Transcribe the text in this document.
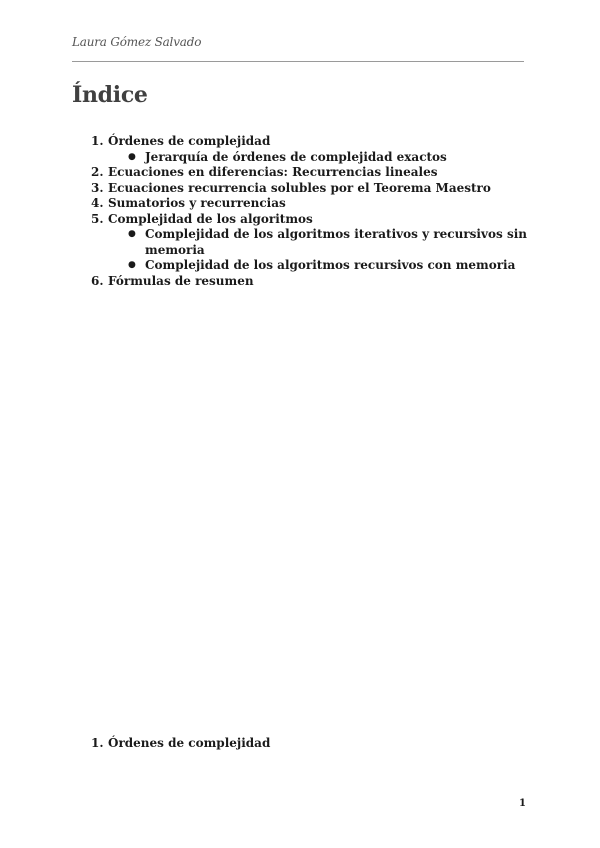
Laura Gómez Salvado
Índice
1. Órdenes de complejidad
● Jerarquía de órdenes de complejidad exactos
2. Ecuaciones en diferencias: Recurrencias lineales
3. Ecuaciones recurrencia solubles por el Teorema Maestro
4. Sumatorios y recurrencias
5. Complejidad de los algoritmos
● Complejidad de los algoritmos iterativos y recursivos sin memoria
● Complejidad de los algoritmos recursivos con memoria
6. Fórmulas de resumen
1. Órdenes de complejidad
1
